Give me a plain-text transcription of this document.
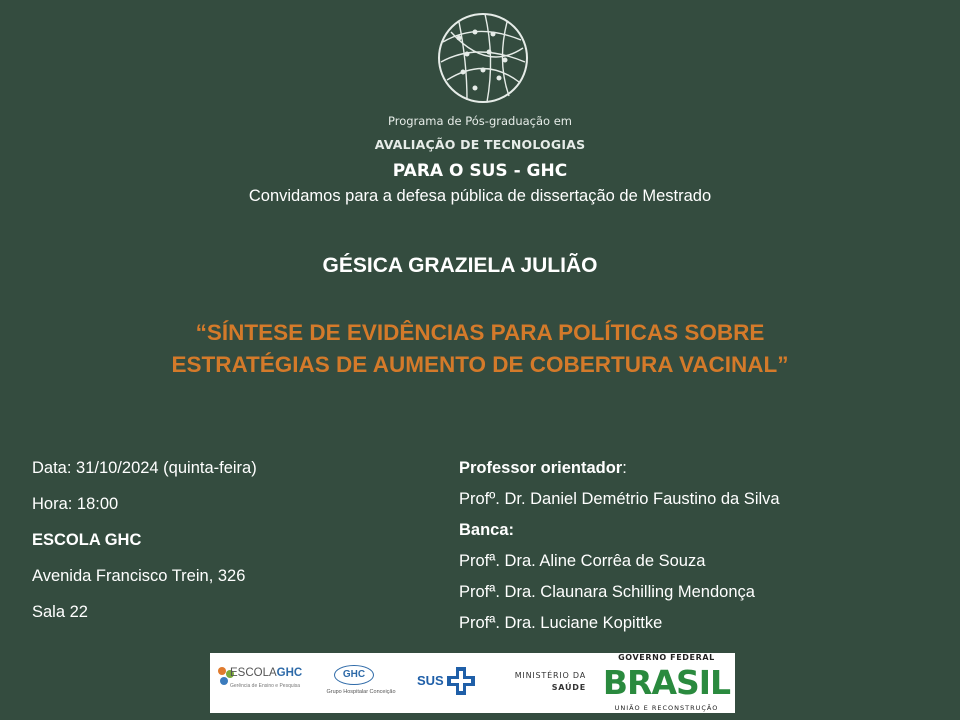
Programa de Pós-graduação em
AVALIAÇÃO DE TECNOLOGIAS
PARA O SUS - GHC
Convidamos para a defesa pública de dissertação de Mestrado
GÉSICA GRAZIELA JULIÃO
“SÍNTESE DE EVIDÊNCIAS PARA POLÍTICAS SOBRE
ESTRATÉGIAS DE AUMENTO DE COBERTURA VACINAL”
Data: 31/10/2024 (quinta-feira)
Hora: 18:00
ESCOLA GHC
Avenida Francisco Trein, 326
Sala 22
Professor orientador:
Profº. Dr. Daniel Demétrio Faustino da Silva
Banca:
Profª. Dra. Aline Corrêa de Souza
Profª. Dra. Claunara Schilling Mendonça
Profª. Dra. Luciane Kopittke
ESCOLAGHC
Gerência de Ensino e Pesquisa
GHC
Grupo Hospitalar Conceição
SUS	MINISTÉRIO DA
SAÚDE
GOVERNO FEDERAL
BRASIL
UNIÃO E RECONSTRUÇÃO
